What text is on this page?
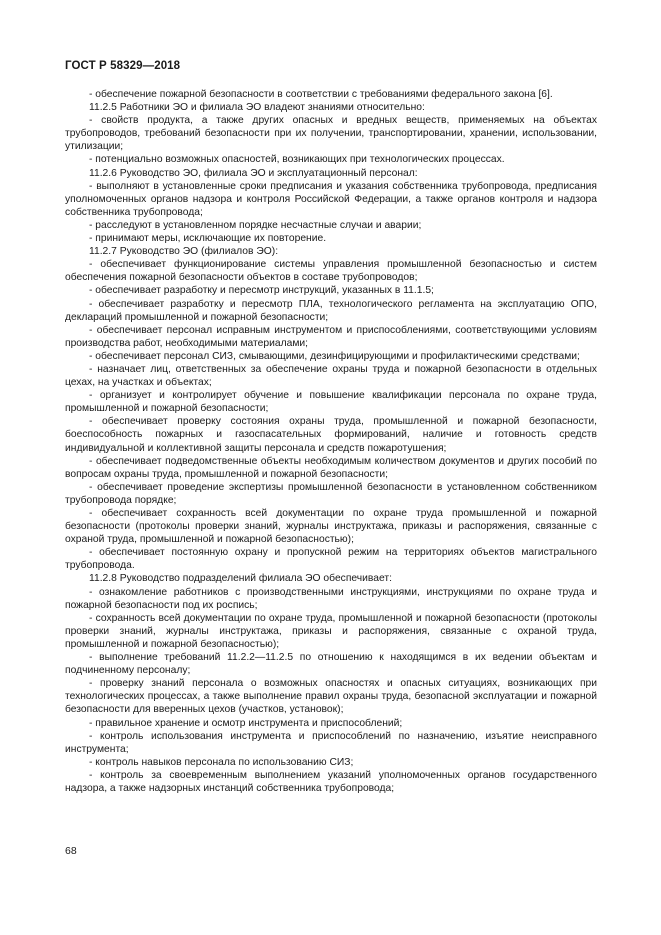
ГОСТ Р 58329—2018

- обеспечение пожарной безопасности в соответствии с требованиями федерального закона [6].

11.2.5 Работники ЭО и филиала ЭО владеют знаниями относительно:

- свойств продукта, а также других опасных и вредных веществ, применяемых на объектах трубопроводов, требований безопасности при их получении, транспортировании, хранении, использовании, утилизации;

- потенциально возможных опасностей, возникающих при технологических процессах.

11.2.6 Руководство ЭО, филиала ЭО и эксплуатационный персонал:

- выполняют в установленные сроки предписания и указания собственника трубопровода, предписания уполномоченных органов надзора и контроля Российской Федерации, а также органов контроля и надзора собственника трубопровода;

- расследуют в установленном порядке несчастные случаи и аварии;

- принимают меры, исключающие их повторение.

11.2.7 Руководство ЭО (филиалов ЭО):

- обеспечивает функционирование системы управления промышленной безопасностью и систем обеспечения пожарной безопасности объектов в составе трубопроводов;

- обеспечивает разработку и пересмотр инструкций, указанных в 11.1.5;

- обеспечивает разработку и пересмотр ПЛА, технологического регламента на эксплуатацию ОПО, деклараций промышленной и пожарной безопасности;

- обеспечивает персонал исправным инструментом и приспособлениями, соответствующими условиям производства работ, необходимыми материалами;

- обеспечивает персонал СИЗ, смывающими, дезинфицирующими и профилактическими средствами;

- назначает лиц, ответственных за обеспечение охраны труда и пожарной безопасности в отдельных цехах, на участках и объектах;

- организует и контролирует обучение и повышение квалификации персонала по охране труда, промышленной и пожарной безопасности;

- обеспечивает проверку состояния охраны труда, промышленной и пожарной безопасности, боеспособность пожарных и газоспасательных формирований, наличие и готовность средств индивидуальной и коллективной защиты персонала и средств пожаротушения;

- обеспечивает подведомственные объекты необходимым количеством документов и других пособий по вопросам охраны труда, промышленной и пожарной безопасности;

- обеспечивает проведение экспертизы промышленной безопасности в установленном собственником трубопровода порядке;

- обеспечивает сохранность всей документации по охране труда промышленной и пожарной безопасности (протоколы проверки знаний, журналы инструктажа, приказы и распоряжения, связанные с охраной труда, промышленной и пожарной безопасностью);

- обеспечивает постоянную охрану и пропускной режим на территориях объектов магистрального трубопровода.

11.2.8 Руководство подразделений филиала ЭО обеспечивает:

- ознакомление работников с производственными инструкциями, инструкциями по охране труда и пожарной безопасности под их роспись;

- сохранность всей документации по охране труда, промышленной и пожарной безопасности (протоколы проверки знаний, журналы инструктажа, приказы и распоряжения, связанные с охраной труда, промышленной и пожарной безопасностью);

- выполнение требований 11.2.2—11.2.5 по отношению к находящимся в их ведении объектам и подчиненному персоналу;

- проверку знаний персонала о возможных опасностях и опасных ситуациях, возникающих при технологических процессах, а также выполнение правил охраны труда, безопасной эксплуатации и пожарной безопасности для вверенных цехов (участков, установок);

- правильное хранение и осмотр инструмента и приспособлений;

- контроль использования инструмента и приспособлений по назначению, изъятие неисправного инструмента;

- контроль навыков персонала по использованию СИЗ;

- контроль за своевременным выполнением указаний уполномоченных органов государственного надзора, а также надзорных инстанций собственника трубопровода;

68
